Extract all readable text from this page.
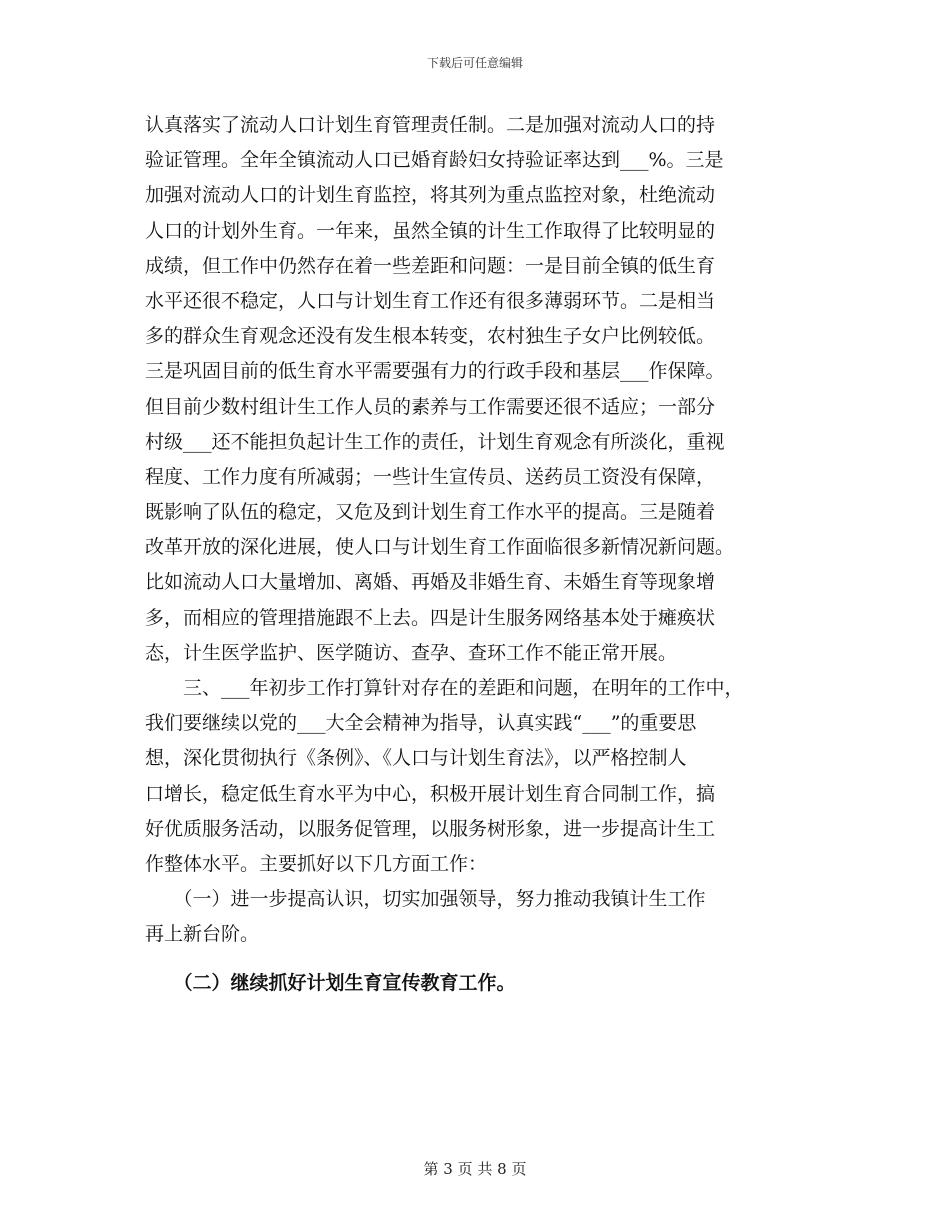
下载后可任意编辑
认真落实了流动人口计划生育管理责任制。二是加强对流动人口的持
验证管理。全年全镇流动人口已婚育龄妇女持验证率达到___%。三是
加强对流动人口的计划生育监控，将其列为重点监控对象，杜绝流动
人口的计划外生育。一年来，虽然全镇的计生工作取得了比较明显的
成绩，但工作中仍然存在着一些差距和问题：一是目前全镇的低生育
水平还很不稳定，人口与计划生育工作还有很多薄弱环节。二是相当
多的群众生育观念还没有发生根本转变，农村独生子女户比例较低。
三是巩固目前的低生育水平需要强有力的行政手段和基层___作保障。
但目前少数村组计生工作人员的素养与工作需要还很不适应；一部分
村级___还不能担负起计生工作的责任，计划生育观念有所淡化，重视
程度、工作力度有所减弱；一些计生宣传员、送药员工资没有保障，
既影响了队伍的稳定，又危及到计划生育工作水平的提高。三是随着
改革开放的深化进展，使人口与计划生育工作面临很多新情况新问题。
比如流动人口大量增加、离婚、再婚及非婚生育、未婚生育等现象增
多，而相应的管理措施跟不上去。四是计生服务网络基本处于瘫痪状
态，计生医学监护、医学随访、查孕、查环工作不能正常开展。
　　三、___年初步工作打算针对存在的差距和问题，在明年的工作中，
我们要继续以党的___大全会精神为指导，认真实践“___”的重要思
想，深化贯彻执行《条例》、《人口与计划生育法》，以严格控制人
口增长，稳定低生育水平为中心，积极开展计划生育合同制工作，搞
好优质服务活动，以服务促管理，以服务树形象，进一步提高计生工
作整体水平。主要抓好以下几方面工作：
　　（一）进一步提高认识，切实加强领导，努力推动我镇计生工作
再上新台阶。
　　（二）继续抓好计划生育宣传教育工作。
第 3 页 共 8 页
